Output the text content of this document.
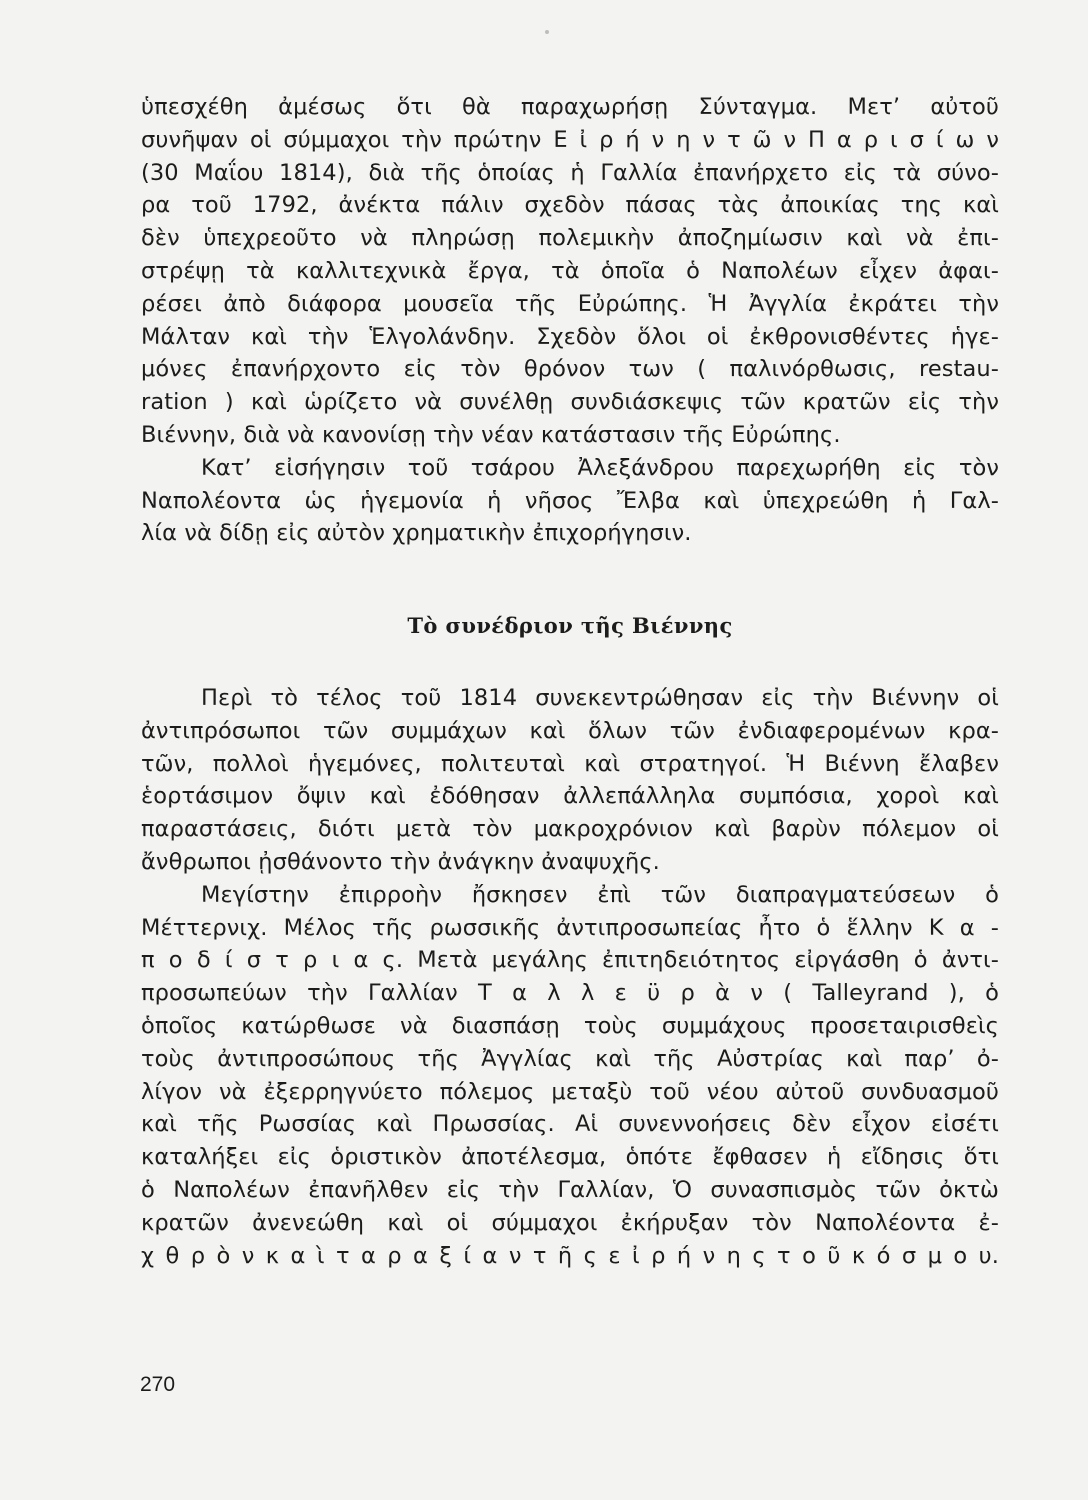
ὑπεσχέθη ἀμέσως ὅτι θὰ παραχωρήσῃ Σύνταγμα. Μετ’ αὐτοῦ
συνῆψαν οἱ σύμμαχοι τὴν πρώτην Ε ἰ ρ ή ν η ν τ ῶ ν Π α ρ ι σ ί ω ν
(30 Μαΐου 1814), διὰ τῆς ὁποίας ἡ Γαλλία ἐπανήρχετο εἰς τὰ σύνο-
ρα τοῦ 1792, ἀνέκτα πάλιν σχεδὸν πάσας τὰς ἀποικίας της καὶ
δὲν ὑπεχρεοῦτο νὰ πληρώσῃ πολεμικὴν ἀποζημίωσιν καὶ νὰ ἐπι-
στρέψῃ τὰ καλλιτεχνικὰ ἔργα, τὰ ὁποῖα ὁ Ναπολέων εἶχεν ἀφαι-
ρέσει ἀπὸ διάφορα μουσεῖα τῆς Εὐρώπης. Ἡ Ἀγγλία ἐκράτει τὴν
Μάλταν καὶ τὴν Ἑλγολάνδην. Σχεδὸν ὅλοι οἱ ἐκθρονισθέντες ἡγε-
μόνες ἐπανήρχοντο εἰς τὸν θρόνον των ( παλινόρθωσις, restau-
ration ) καὶ ὡρίζετο νὰ συνέλθῃ συνδιάσκεψις τῶν κρατῶν εἰς τὴν
Βιέννην, διὰ νὰ κανονίσῃ τὴν νέαν κατάστασιν τῆς Εὐρώπης.
Κατ’ εἰσήγησιν τοῦ τσάρου Ἀλεξάνδρου παρεχωρήθη εἰς τὸν
Ναπολέοντα ὡς ἡγεμονία ἡ νῆσος Ἔλβα καὶ ὑπεχρεώθη ἡ Γαλ-
λία νὰ δίδῃ εἰς αὐτὸν χρηματικὴν ἐπιχορήγησιν.
Τὸ συνέδριον τῆς Βιέννης
Περὶ τὸ τέλος τοῦ 1814 συνεκεντρώθησαν εἰς τὴν Βιέννην οἱ
ἀντιπρόσωποι τῶν συμμάχων καὶ ὅλων τῶν ἐνδιαφερομένων κρα-
τῶν, πολλοὶ ἡγεμόνες, πολιτευταὶ καὶ στρατηγοί. Ἡ Βιέννη ἔλαβεν
ἑορτάσιμον ὄψιν καὶ ἐδόθησαν ἀλλεπάλληλα συμπόσια, χοροὶ καὶ
παραστάσεις, διότι μετὰ τὸν μακροχρόνιον καὶ βαρὺν πόλεμον οἱ
ἄνθρωποι ᾐσθάνοντο τὴν ἀνάγκην ἀναψυχῆς.
Μεγίστην ἐπιρροὴν ἤσκησεν ἐπὶ τῶν διαπραγματεύσεων ὁ
Μέττερνιχ. Μέλος τῆς ρωσσικῆς ἀντιπροσωπείας ἦτο ὁ ἕλλην Κ α -
π ο δ ί σ τ ρ ι α ς. Μετὰ μεγάλης ἐπιτηδειότητος εἰργάσθη ὁ ἀντι-
προσωπεύων τὴν Γαλλίαν Τ α λ λ ε ϋ ρ ὰ ν ( Talleyrand ), ὁ
ὁποῖος κατώρθωσε νὰ διασπάσῃ τοὺς συμμάχους προσεταιρισθεὶς
τοὺς ἀντιπροσώπους τῆς Ἀγγλίας καὶ τῆς Αὐστρίας καὶ παρ’ ὀ-
λίγον νὰ ἐξερρηγνύετο πόλεμος μεταξὺ τοῦ νέου αὐτοῦ συνδυασμοῦ
καὶ τῆς Ρωσσίας καὶ Πρωσσίας. Αἱ συνεννοήσεις δὲν εἶχον εἰσέτι
καταλήξει εἰς ὁριστικὸν ἀποτέλεσμα, ὁπότε ἔφθασεν ἡ εἴδησις ὅτι
ὁ Ναπολέων ἐπανῆλθεν εἰς τὴν Γαλλίαν, Ὁ συνασπισμὸς τῶν ὀκτὼ
κρατῶν ἀνενεώθη καὶ οἱ σύμμαχοι ἐκήρυξαν τὸν Ναπολέοντα ἐ-
χ θ ρ ὸ ν κ α ὶ τ α ρ α ξ ί α ν τ ῆ ς ε ἰ ρ ή ν η ς τ ο ῦ κ ό σ μ ο υ.
270
